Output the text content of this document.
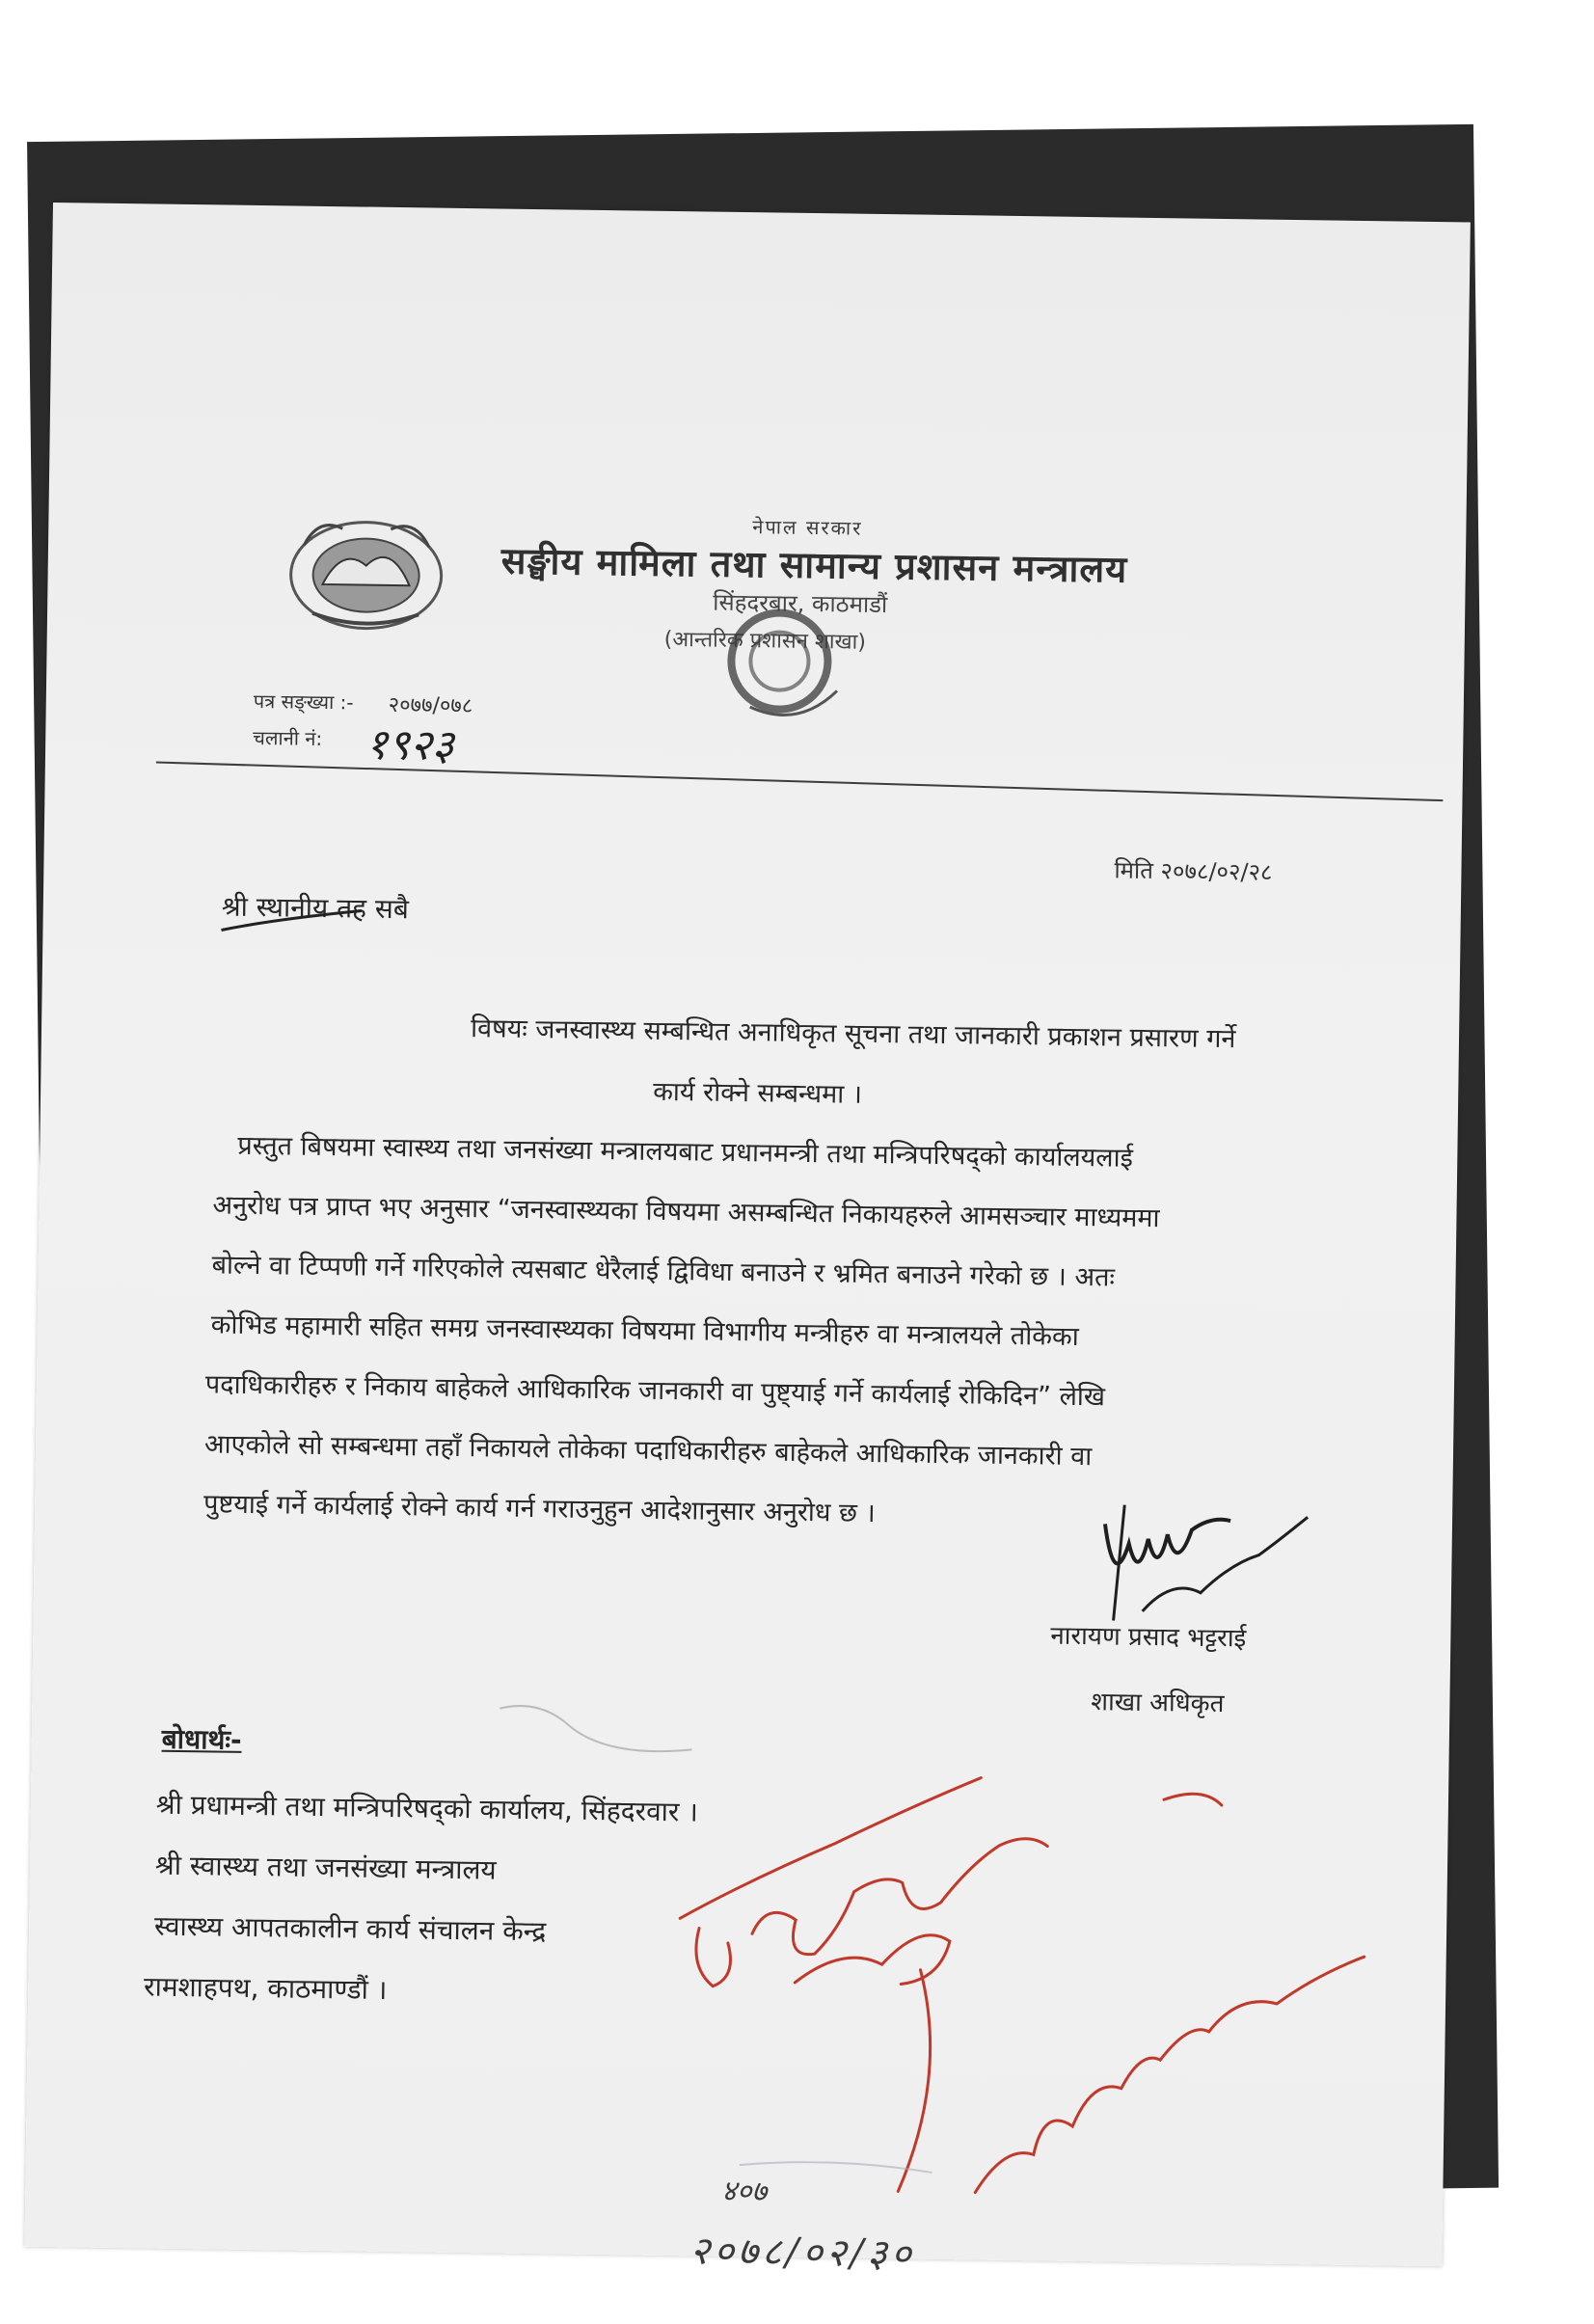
नेपाल सरकार
सङ्घीय मामिला तथा सामान्य प्रशासन मन्त्रालय
सिंहदरबार, काठमाडौं
(आन्तरिक प्रशासन शाखा)
पत्र सङ्ख्या :- २०७७/०७८
चलानी नं: १९२३
मिति २०७८/०२/२८
श्री स्थानीय तह सबै
विषयः जनस्वास्थ्य सम्बन्धित अनाधिकृत सूचना तथा जानकारी प्रकाशन प्रसारण गर्ने
कार्य रोक्ने सम्बन्धमा ।
प्रस्तुत बिषयमा स्वास्थ्य तथा जनसंख्या मन्त्रालयबाट प्रधानमन्त्री तथा मन्त्रिपरिषद्को कार्यालयलाई
अनुरोध पत्र प्राप्त भए अनुसार “जनस्वास्थ्यका विषयमा असम्बन्धित निकायहरुले आमसञ्चार माध्यममा
बोल्ने वा टिप्पणी गर्ने गरिएकोले त्यसबाट धेरैलाई द्विविधा बनाउने र भ्रमित बनाउने गरेको छ । अतः
कोभिड महामारी सहित समग्र जनस्वास्थ्यका विषयमा विभागीय मन्त्रीहरु वा मन्त्रालयले तोकेका
पदाधिकारीहरु र निकाय बाहेकले आधिकारिक जानकारी वा पुष्ट्याई गर्ने कार्यलाई रोकिदिन” लेखि
आएकोले सो सम्बन्धमा तहाँ निकायले तोकेका पदाधिकारीहरु बाहेकले आधिकारिक जानकारी वा
पुष्टयाई गर्ने कार्यलाई रोक्ने कार्य गर्न गराउनुहुन आदेशानुसार अनुरोध छ ।
नारायण प्रसाद भट्टराई
शाखा अधिकृत
बोधार्थः-
श्री प्रधामन्त्री तथा मन्त्रिपरिषद्को कार्यालय, सिंहदरवार ।
श्री स्वास्थ्य तथा जनसंख्या मन्त्रालय
स्वास्थ्य आपतकालीन कार्य संचालन केन्द्र
रामशाहपथ, काठमाण्डौं ।
४०७
२०७८/०२/३०
